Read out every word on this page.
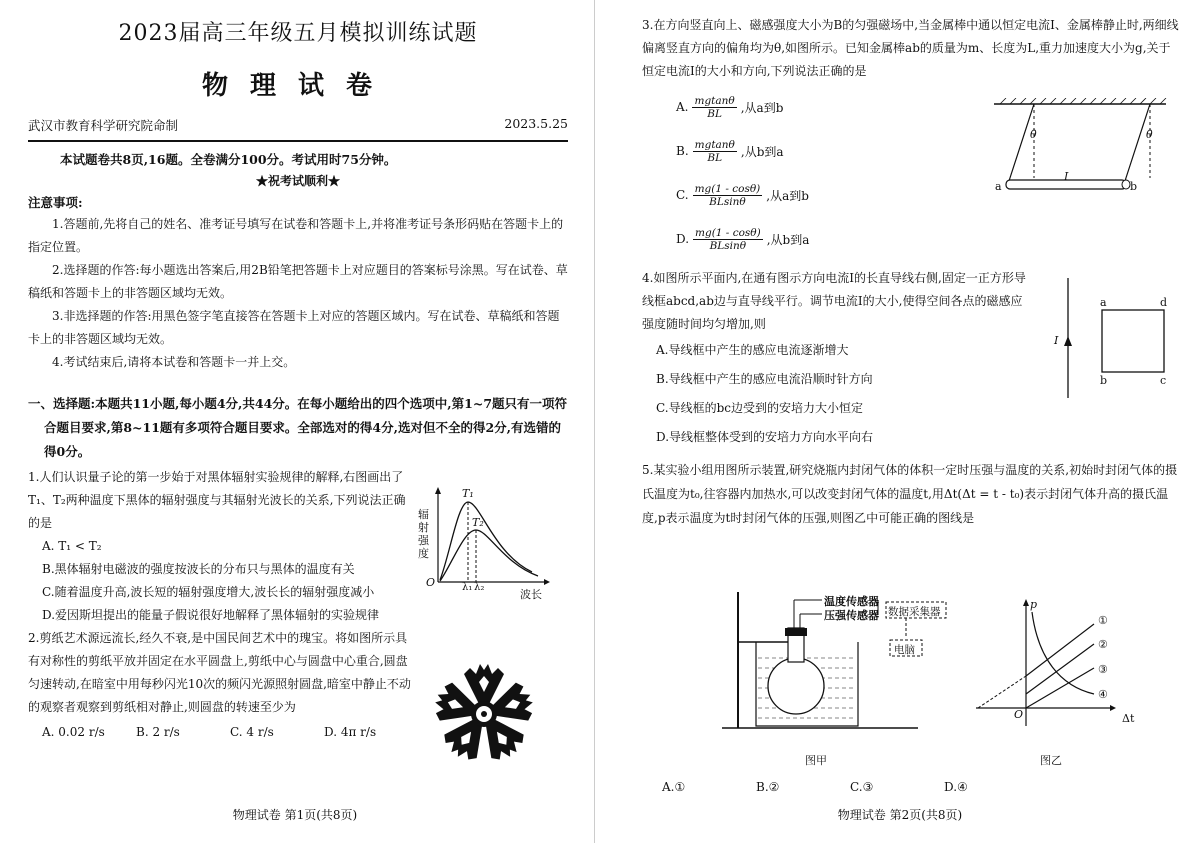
2023届高三年级五月模拟训练试题
物理试卷
武汉市教育科学研究院命制	2023.5.25
本试题卷共8页,16题。全卷满分100分。考试用时75分钟。
★祝考试顺利★
注意事项:

1.答题前,先将自己的姓名、准考证号填写在试卷和答题卡上,并将准考证号条形码贴在答题卡上的指定位置。

2.选择题的作答:每小题选出答案后,用2B铅笔把答题卡上对应题目的答案标号涂黑。写在试卷、草稿纸和答题卡上的非答题区域均无效。

3.非选择题的作答:用黑色签字笔直接答在答题卡上对应的答题区域内。写在试卷、草稿纸和答题卡上的非答题区域均无效。

4.考试结束后,请将本试卷和答题卡一并上交。

一、选择题:本题共11小题,每小题4分,共44分。在每小题给出的四个选项中,第1~7题只有一项符合题目要求,第8~11题有多项符合题目要求。全部选对的得4分,选对但不全的得2分,有选错的得0分。

1.人们认识量子论的第一步始于对黑体辐射实验规律的解释,右图画出了T₁、T₂两种温度下黑体的辐射强度与其辐射光波长的关系,下列说法正确的是

A. T₁ < T₂

B.黑体辐射电磁波的强度按波长的分布只与黑体的温度有关

C.随着温度升高,波长短的辐射强度增大,波长长的辐射强度减小

D.爱因斯坦提出的能量子假说很好地解释了黑体辐射的实验规律

2.剪纸艺术源远流长,经久不衰,是中国民间艺术中的瑰宝。将如图所示具有对称性的剪纸平放并固定在水平圆盘上,剪纸中心与圆盘中心重合,圆盘匀速转动,在暗室中用每秒闪光10次的频闪光源照射圆盘,暗室中静止不动的观察者观察到剪纸相对静止,则圆盘的转速至少为

A. 0.02 r/s	B. 2 r/s	C. 4 r/s	D. 4π r/s
辐射强度
波长
O
T₁
T₂
λ₁ λ₂
物理试卷 第1页(共8页)

3.在方向竖直向上、磁感强度大小为B的匀强磁场中,当金属棒中通以恒定电流I、金属棒静止时,两细线偏离竖直方向的偏角均为θ,如图所示。已知金属棒ab的质量为m、长度为L,重力加速度大小为g,关于恒定电流I的大小和方向,下列说法正确的是

A. $\frac{mgtan\theta}{BL}$ ,从a到b
B. $\frac{mgtan\theta}{BL}$ ,从b到a
C. $\frac{mg(1 - \cos\theta)}{BLsin\theta}$ ,从a到b
D. $\frac{mg(1 - \cos\theta)}{BLsin\theta}$ ,从b到a

4.如图所示平面内,在通有图示方向电流I的长直导线右侧,固定一正方形导线框abcd,ab边与直导线平行。调节电流I的大小,使得空间各点的磁感应强度随时间均匀增加,则

A.导线框中产生的感应电流逐渐增大

B.导线框中产生的感应电流沿顺时针方向

C.导线框的bc边受到的安培力大小恒定

D.导线框整体受到的安培力方向水平向右

5.某实验小组用图所示装置,研究烧瓶内封闭气体的体积一定时压强与温度的关系,初始时封闭气体的摄氏温度为t₀,往容器内加热水,可以改变封闭气体的温度t,用Δt(Δt = t - t₀)表示封闭气体升高的摄氏温度,p表示温度为t时封闭气体的压强,则图乙中可能正确的图线是

A.①	B.②	C.③	D.④
a	b
θ	θ
I
I
a	d
b	c
温度传感器
压强传感器 数据采集器
电脑
图甲
p
Δt
O
①
②
③
④
图乙
物理试卷 第2页(共8页)
